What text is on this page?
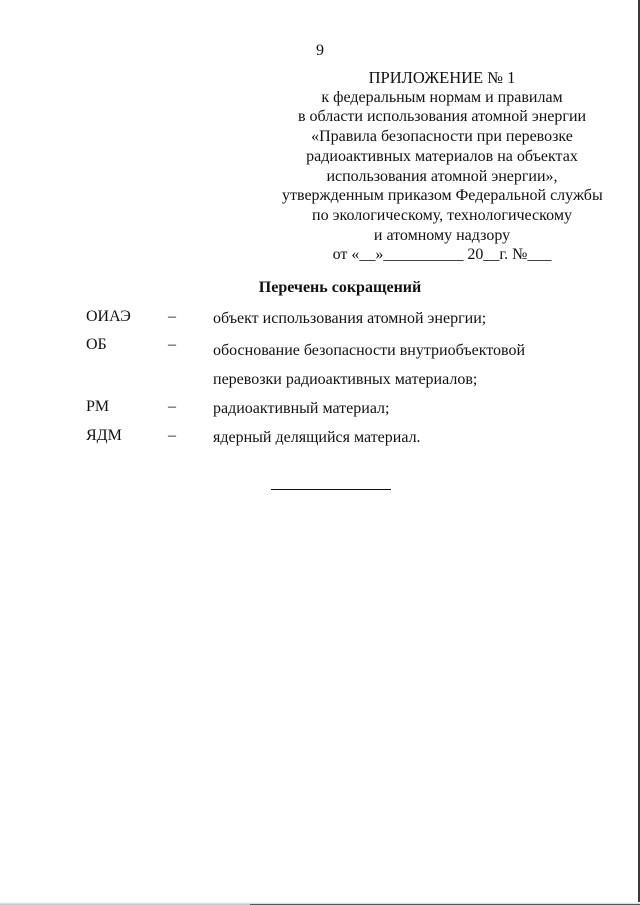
9
ПРИЛОЖЕНИЕ № 1
к федеральным нормам и правилам
в области использования атомной энергии
«Правила безопасности при перевозке
радиоактивных материалов на объектах
использования атомной энергии»,
утвержденным приказом Федеральной службы
по экологическому, технологическому
и атомному надзору
от «__»__________ 20__г. №___
Перечень сокращений
ОИАЭ – объект использования атомной энергии;
ОБ	– обоснование безопасности внутриобъектовой перевозки радиоактивных материалов;
РМ	– радиоактивный материал;
ЯДМ	– ядерный делящийся материал.
